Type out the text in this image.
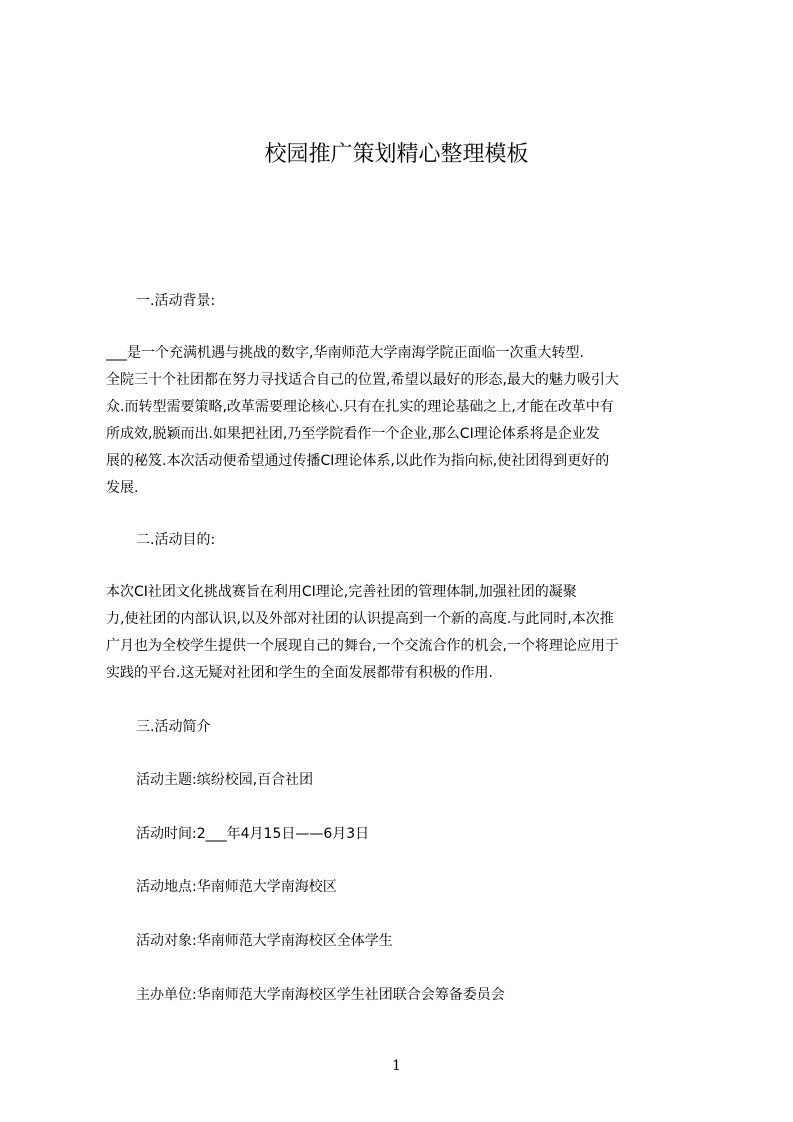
校园推广策划精心整理模板
一.活动背景:
___是一个充满机遇与挑战的数字,华南师范大学南海学院正面临一次重大转型.
全院三十个社团都在努力寻找适合自己的位置,希望以最好的形态,最大的魅力吸引大
众.而转型需要策略,改革需要理论核心.只有在扎实的理论基础之上,才能在改革中有
所成效,脱颖而出.如果把社团,乃至学院看作一个企业,那么CI理论体系将是企业发
展的秘笈.本次活动便希望通过传播CI理论体系,以此作为指向标,使社团得到更好的
发展.
二.活动目的:
本次CI社团文化挑战赛旨在利用CI理论,完善社团的管理体制,加强社团的凝聚
力,使社团的内部认识,以及外部对社团的认识提高到一个新的高度.与此同时,本次推
广月也为全校学生提供一个展现自己的舞台,一个交流合作的机会,一个将理论应用于
实践的平台.这无疑对社团和学生的全面发展都带有积极的作用.
三.活动简介
活动主题:缤纷校园,百合社团
活动时间:2___年4月15日——6月3日
活动地点:华南师范大学南海校区
活动对象:华南师范大学南海校区全体学生
主办单位:华南师范大学南海校区学生社团联合会筹备委员会
1
